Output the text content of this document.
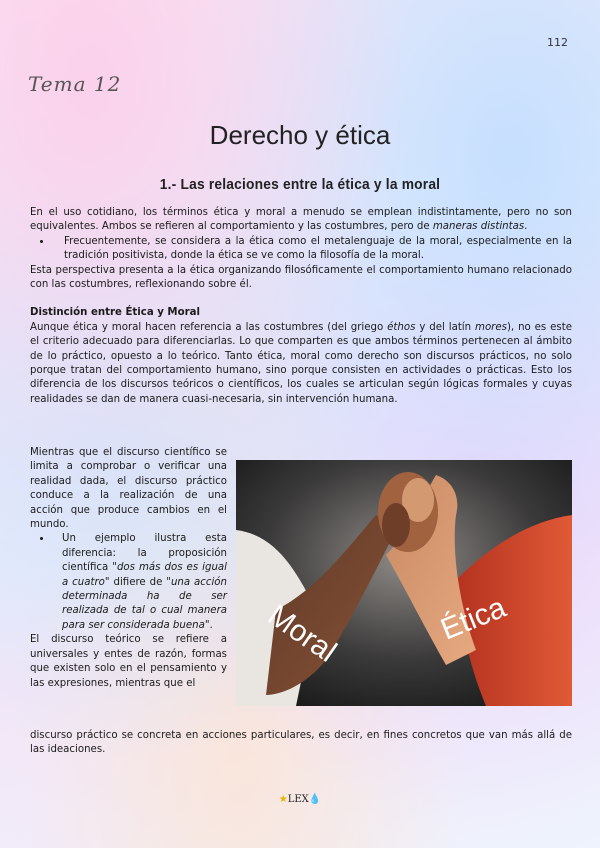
112
Tema 12
Derecho y ética
1.- Las relaciones entre la ética y la moral

En el uso cotidiano, los términos ética y moral a menudo se emplean indistintamente, pero no son equivalentes. Ambos se refieren al comportamiento y las costumbres, pero de maneras distintas.

• Frecuentemente, se considera a la ética como el metalenguaje de la moral, especialmente en la tradición positivista, donde la ética se ve como la filosofía de la moral.

Esta perspectiva presenta a la ética organizando filosóficamente el comportamiento humano relacionado con las costumbres, reflexionando sobre él.

Distinción entre Ética y Moral

Aunque ética y moral hacen referencia a las costumbres (del griego éthos y del latín mores), no es este el criterio adecuado para diferenciarlas. Lo que comparten es que ambos términos pertenecen al ámbito de lo práctico, opuesto a lo teórico. Tanto ética, moral como derecho son discursos prácticos, no solo porque tratan del comportamiento humano, sino porque consisten en actividades o prácticas. Esto los diferencia de los discursos teóricos o científicos, los cuales se articulan según lógicas formales y cuyas realidades se dan de manera cuasi-necesaria, sin intervención humana.

Mientras que el discurso científico se limita a comprobar o verificar una realidad dada, el discurso práctico conduce a la realización de una acción que produce cambios en el mundo.

• Un ejemplo ilustra esta diferencia: la proposición científica "dos más dos es igual a cuatro" difiere de "una acción determinada ha de ser realizada de tal o cual manera para ser considerada buena".

El discurso teórico se refiere a universales y entes de razón, formas que existen solo en el pensamiento y las expresiones, mientras que el

discurso práctico se concreta en acciones particulares, es decir, en fines concretos que van más allá de las ideaciones.
Moral	Ética
★LEX💧
